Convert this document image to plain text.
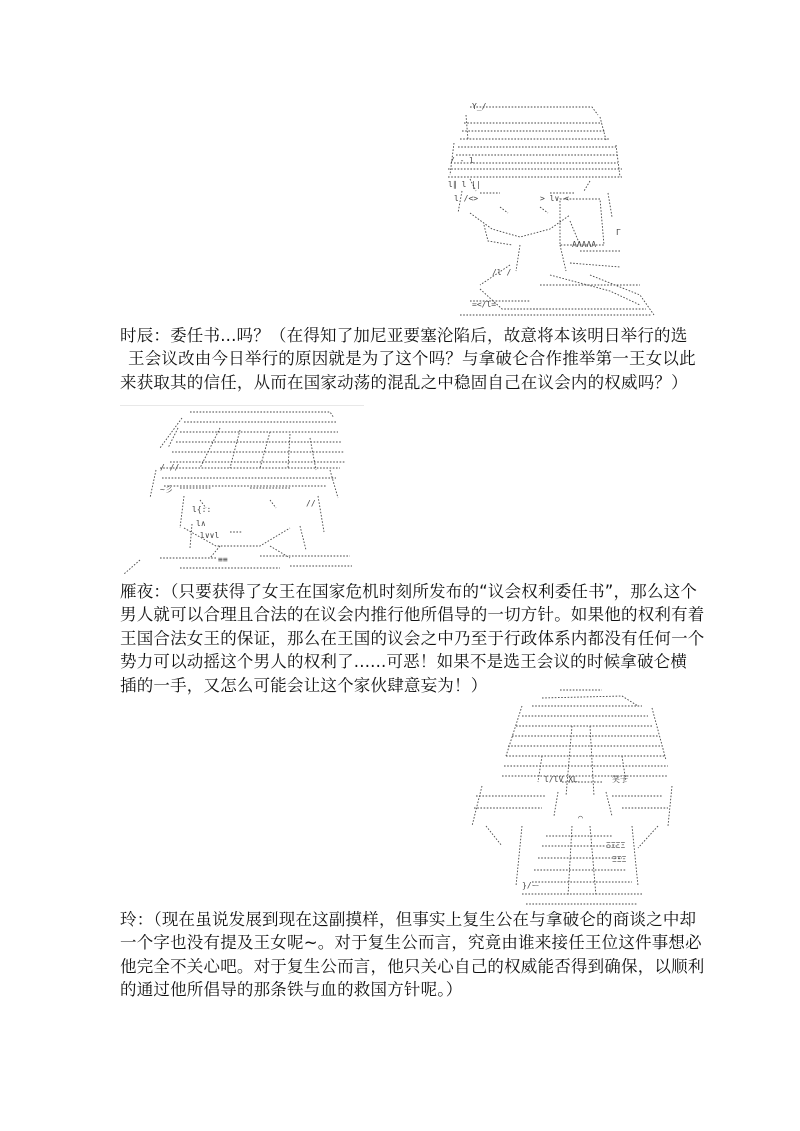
Y_/
/ ‐ l
l∥ l ||
l /<>	> l∨ <
/l /
=</l=
ΛΛΛΛΛ
Γ

时辰：委任书...吗？（在得知了加尼亚要塞沦陷后，故意将本该明日举行的选

王会议改由今日举行的原因就是为了这个吗？与拿破仑合作推举第一王女以此

来获取其的信任，从而在国家动荡的混乱之中稳固自己在议会内的权威吗？）

/ //
~彡
l{::
l∧
l∨∨l
//
≡≡

雁夜：（只要获得了女王在国家危机时刻所发布的“议会权利委任书”，那么这个

男人就可以合理且合法的在议会内推行他所倡导的一切方针。如果他的权利有着

王国合法女王的保证，那么在王国的议会之中乃至于行政体系内都没有任何一个

势力可以动摇这个男人的权利了......可恶！如果不是选王会议的时候拿破仑横

插的一手，又怎么可能会让这个家伙肆意妄为！）

l/lV XL	笑子
⌒
ΞΞΞΞ
ΞΞΞ
}/ー

玲：（现在虽说发展到现在这副摸样，但事实上复生公在与拿破仑的商谈之中却

一个字也没有提及王女呢~。对于复生公而言，究竟由谁来接任王位这件事想必

他完全不关心吧。对于复生公而言，他只关心自己的权威能否得到确保，以顺利

的通过他所倡导的那条铁与血的救国方针呢。）
